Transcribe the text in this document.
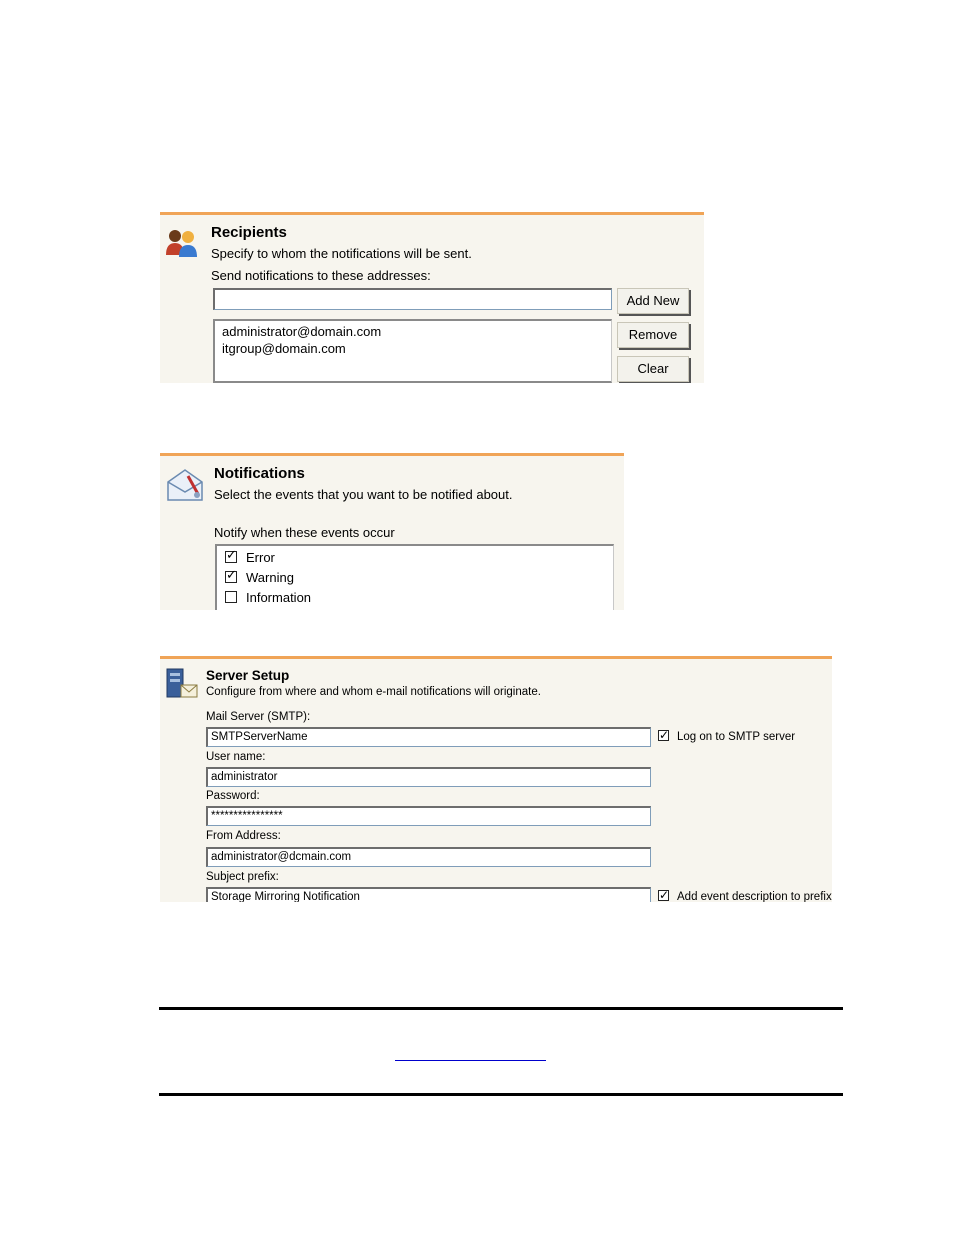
Recipients
Specify to whom the notifications will be sent.
Send notifications to these addresses:
administrator@domain.com
itgroup@domain.com
Add New
Remove
Clear
Notifications
Select the events that you want to be notified about.
Notify when these events occur
✓ Error
✓ Warning
Information
Server Setup
Configure from where and whom e-mail notifications will originate.
Mail Server (SMTP):
SMTPServerName	✓ Log on to SMTP server
User name:
administrator
Password:
****************
From Address:
administrator@dcmain.com
Subject prefix:
Storage Mirroring Notification	✓ Add event description to prefix
